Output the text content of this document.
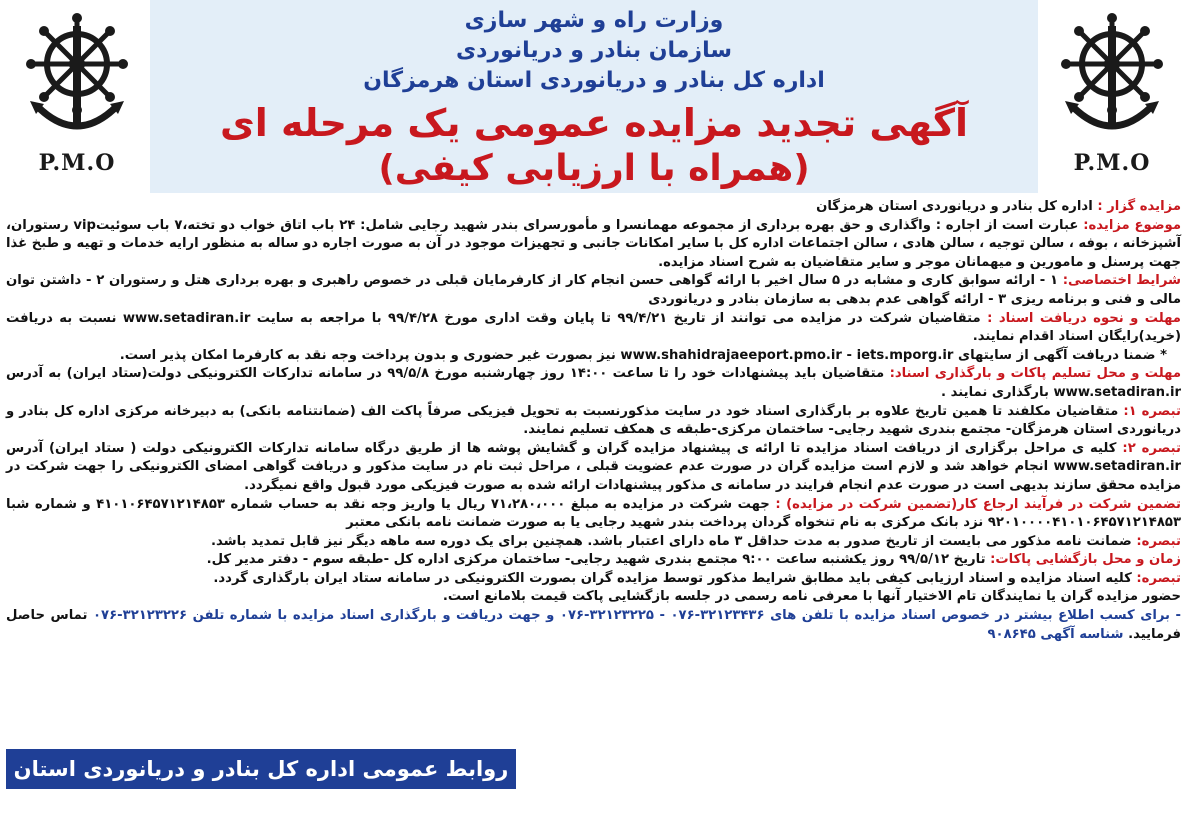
P.M.O
P.M.O
وزارت راه و شهر سازی
سازمان بنادر و دریانوردی
اداره کل بنادر و دریانوردی استان هرمزگان
آگهی تجدید مزایده عمومی یک مرحله ای
(همراه با ارزیابی کیفی)

مزایده گزار : اداره کل بنادر و دریانوردی استان هرمزگان

موضوع مزایده: عبارت است از اجاره : واگذاری و حق بهره برداری از مجموعه مهمانسرا و مأمورسرای بندر شهید رجایی شامل: ۲۴ باب اتاق خواب دو تخته،۷ باب سوئیتvip رستوران، آشپزخانه ، بوفه ، سالن توجیه ، سالن هادی ، سالن اجتماعات اداره کل با سایر امکانات جانبی و تجهیزات موجود در آن به صورت اجاره دو ساله به منظور ارایه خدمات و تهیه و طبخ غذا جهت پرسنل و مامورین و میهمانان موجر و سایر متقاضیان به شرح اسناد مزایده.

شرایط اختصاصی: ۱ - ارائه سوابق کاری و مشابه در ۵ سال اخیر با ارائه گواهی حسن انجام کار از کارفرمایان قبلی در خصوص راهبری و بهره برداری هتل و رستوران ۲ - داشتن توان مالی و فنی و برنامه ریزی ۳ - ارائه گواهی عدم بدهی به سازمان بنادر و دریانوردی

مهلت و نحوه دریافت اسناد : متقاضیان شرکت در مزایده می توانند از تاریخ ۹۹/۴/۲۱ تا پایان وقت اداری مورخ ۹۹/۴/۲۸ با مراجعه به سایت www.setadiran.ir نسبت به دریافت (خرید)رایگان اسناد اقدام نمایند.

* ضمنا دریافت آگهی از سایتهای www.shahidrajaeeport.pmo.ir - iets.mporg.ir نیز بصورت غیر حضوری و بدون پرداخت وجه نقد به کارفرما امکان پذیر است.

مهلت و محل تسلیم پاکات و بارگذاری اسناد: متقاضیان باید پیشنهادات خود را تا ساعت ۱۴:۰۰ روز چهارشنبه مورخ ۹۹/۵/۸ در سامانه تدارکات الکترونیکی دولت(ستاد ایران) به آدرس www.setadiran.ir بارگذاری نمایند .

تبصره ۱: متقاضیان مکلفند تا همین تاریخ علاوه بر بارگذاری اسناد خود در سایت مذکورنسبت به تحویل فیزیکی صرفاً پاکت الف (ضمانتنامه بانکی) به دبیرخانه مرکزی اداره کل بنادر و دریانوردی استان هرمزگان- مجتمع بندری شهید رجایی- ساختمان مرکزی-طبقه ی همکف تسلیم نمایند.

تبصره ۲: کلیه ی مراحل برگزاری از دریافت اسناد مزایده تا ارائه ی پیشنهاد مزایده گران و گشایش پوشه ها از طریق درگاه سامانه تدارکات الکترونیکی دولت ( ستاد ایران) آدرس www.setadiran.ir انجام خواهد شد و لازم است مزایده گران در صورت عدم عضویت قبلی ، مراحل ثبت نام در سایت مذکور و دریافت گواهی امضای الکترونیکی را جهت شرکت در مزایده محقق سازند بدیهی است در صورت عدم انجام فرایند در سامانه ی مذکور پیشنهادات ارائه شده به صورت فیزیکی مورد قبول واقع نمیگردد.

تضمین شرکت در فرآیند ارجاع کار(تضمین شرکت در مزایده) : جهت شرکت در مزایده به مبلغ ۷۱،۲۸۰،۰۰۰ ریال یا واریز وجه نقد به حساب شماره ۴۱۰۱۰۶۴۵۷۱۲۱۴۸۵۳ و شماره شبا ۹۲۰۱۰۰۰۰۴۱۰۱۰۶۴۵۷۱۲۱۴۸۵۳ نزد بانک مرکزی به نام تنخواه گردان پرداخت بندر شهید رجایی یا به صورت ضمانت نامه بانکی معتبر

تبصره: ضمانت نامه مذکور می بایست از تاریخ صدور به مدت حداقل ۳ ماه دارای اعتبار باشد. همچنین برای یک دوره سه ماهه دیگر نیز قابل تمدید باشد.

زمان و محل بازگشایی پاکات: تاریخ ۹۹/۵/۱۲ روز یکشنبه ساعت ۹:۰۰ مجتمع بندری شهید رجایی- ساختمان مرکزی اداره کل -طبقه سوم - دفتر مدیر کل.

تبصره: کلیه اسناد مزایده و اسناد ارزیابی کیفی باید مطابق شرایط مذکور توسط مزایده گران بصورت الکترونیکی در سامانه ستاد ایران بارگذاری گردد.

حضور مزایده گران یا نمایندگان تام الاختیار آنها با معرفی نامه رسمی در جلسه بازگشایی پاکت قیمت بلامانع است.

- برای کسب اطلاع بیشتر در خصوص اسناد مزایده با تلفن های ۳۲۱۲۳۴۳۶-۰۷۶ - ۳۲۱۲۳۲۲۵-۰۷۶ و جهت دریافت و بارگذاری اسناد مزایده با شماره تلفن ۳۲۱۲۳۲۲۶-۰۷۶ تماس حاصل فرمایید. شناسه آگهی ۹۰۸۶۴۵

روابط عمومی اداره کل بنادر و دریانوردی استان هرمزگان
